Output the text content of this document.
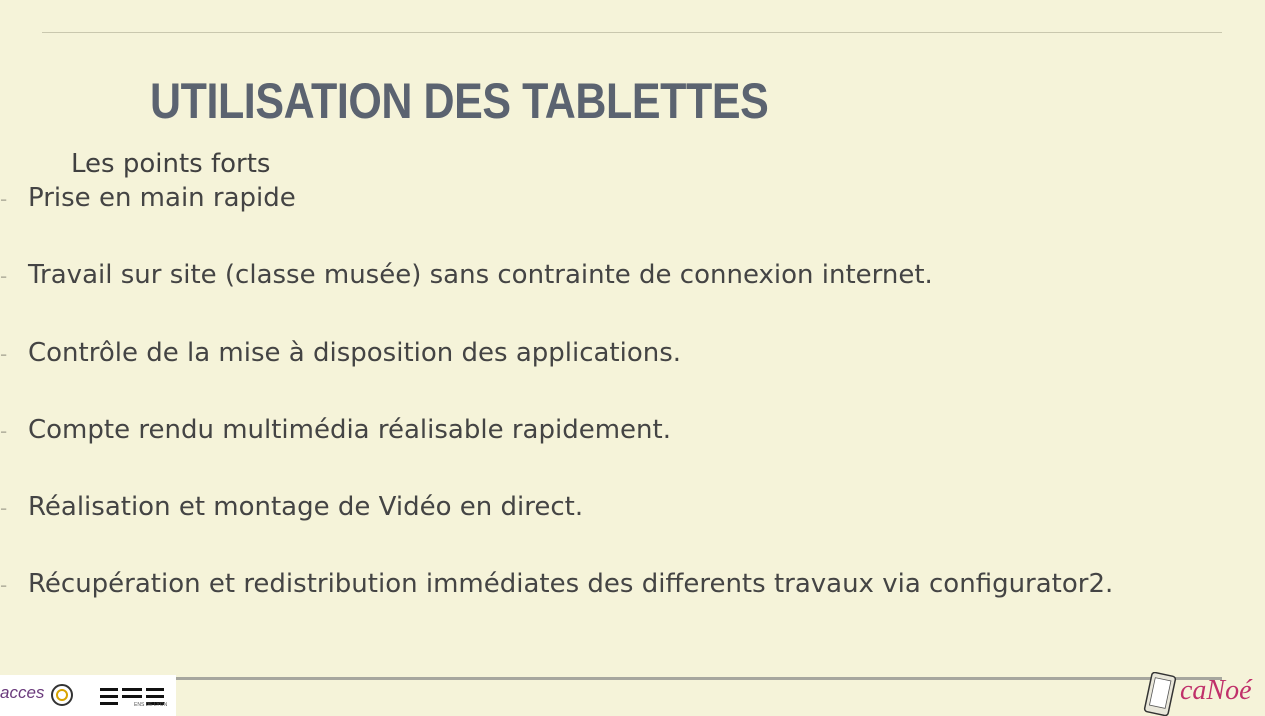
UTILISATION DES TABLETTES
Les points forts
- Prise en main rapide
- Travail sur site (classe musée) sans contrainte de connexion internet.
- Contrôle de la mise à disposition des applications.
- Compte rendu multimédia réalisable rapidement.
- Réalisation et montage de Vidéo en direct.
- Récupération et redistribution immédiates des differents travaux via configurator2.
acces
ENS DE LYON	caNoé
